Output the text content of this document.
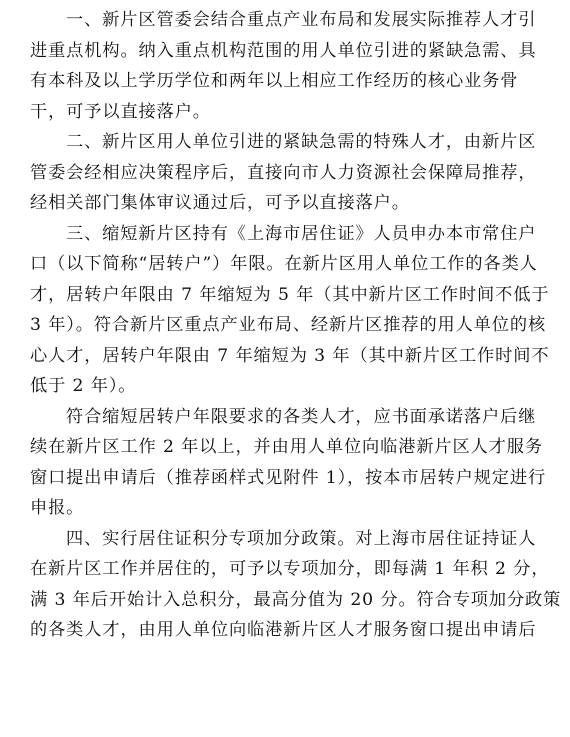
一、新片区管委会结合重点产业布局和发展实际推荐人才引
进重点机构。纳入重点机构范围的用人单位引进的紧缺急需、具
有本科及以上学历学位和两年以上相应工作经历的核心业务骨
干，可予以直接落户。
二、新片区用人单位引进的紧缺急需的特殊人才，由新片区
管委会经相应决策程序后，直接向市人力资源社会保障局推荐，
经相关部门集体审议通过后，可予以直接落户。
三、缩短新片区持有《上海市居住证》人员申办本市常住户
口（以下简称“居转户”）年限。在新片区用人单位工作的各类人
才，居转户年限由 7 年缩短为 5 年（其中新片区工作时间不低于
3 年）。符合新片区重点产业布局、经新片区推荐的用人单位的核
心人才，居转户年限由 7 年缩短为 3 年（其中新片区工作时间不
低于 2 年）。
符合缩短居转户年限要求的各类人才，应书面承诺落户后继
续在新片区工作 2 年以上，并由用人单位向临港新片区人才服务
窗口提出申请后（推荐函样式见附件 1），按本市居转户规定进行
申报。
四、实行居住证积分专项加分政策。对上海市居住证持证人
在新片区工作并居住的，可予以专项加分，即每满 1 年积 2 分，
满 3 年后开始计入总积分，最高分值为 20 分。符合专项加分政策
的各类人才，由用人单位向临港新片区人才服务窗口提出申请后
